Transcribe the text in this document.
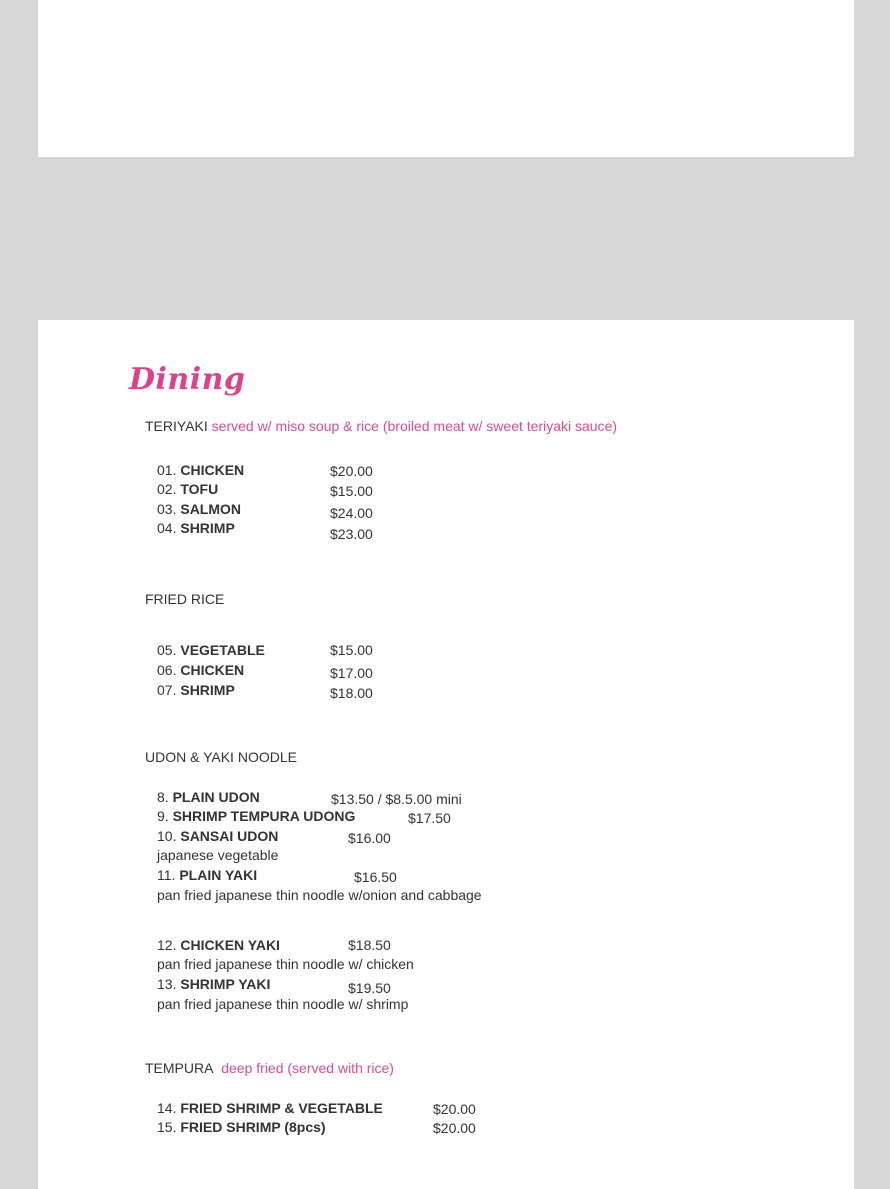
Dining
TERIYAKI served w/ miso soup & rice (broiled meat w/ sweet teriyaki sauce)
01. CHICKEN	$20.00
02. TOFU	$15.00
03. SALMON	$24.00
04. SHRIMP	$23.00
FRIED RICE
05. VEGETABLE	$15.00
06. CHICKEN	$17.00
07. SHRIMP	$18.00
UDON & YAKI NOODLE
8. PLAIN UDON	$13.50 / $8.5.00 mini
9. SHRIMP TEMPURA UDONG	$17.50
10. SANSAI UDON	$16.00
japanese vegetable
11. PLAIN YAKI	$16.50
pan fried japanese thin noodle w/onion and cabbage
12. CHICKEN YAKI	$18.50
pan fried japanese thin noodle w/ chicken
13. SHRIMP YAKI	$19.50
pan fried japanese thin noodle w/ shrimp
TEMPURA deep fried (served with rice)
14. FRIED SHRIMP & VEGETABLE	$20.00
15. FRIED SHRIMP (8pcs)	$20.00
